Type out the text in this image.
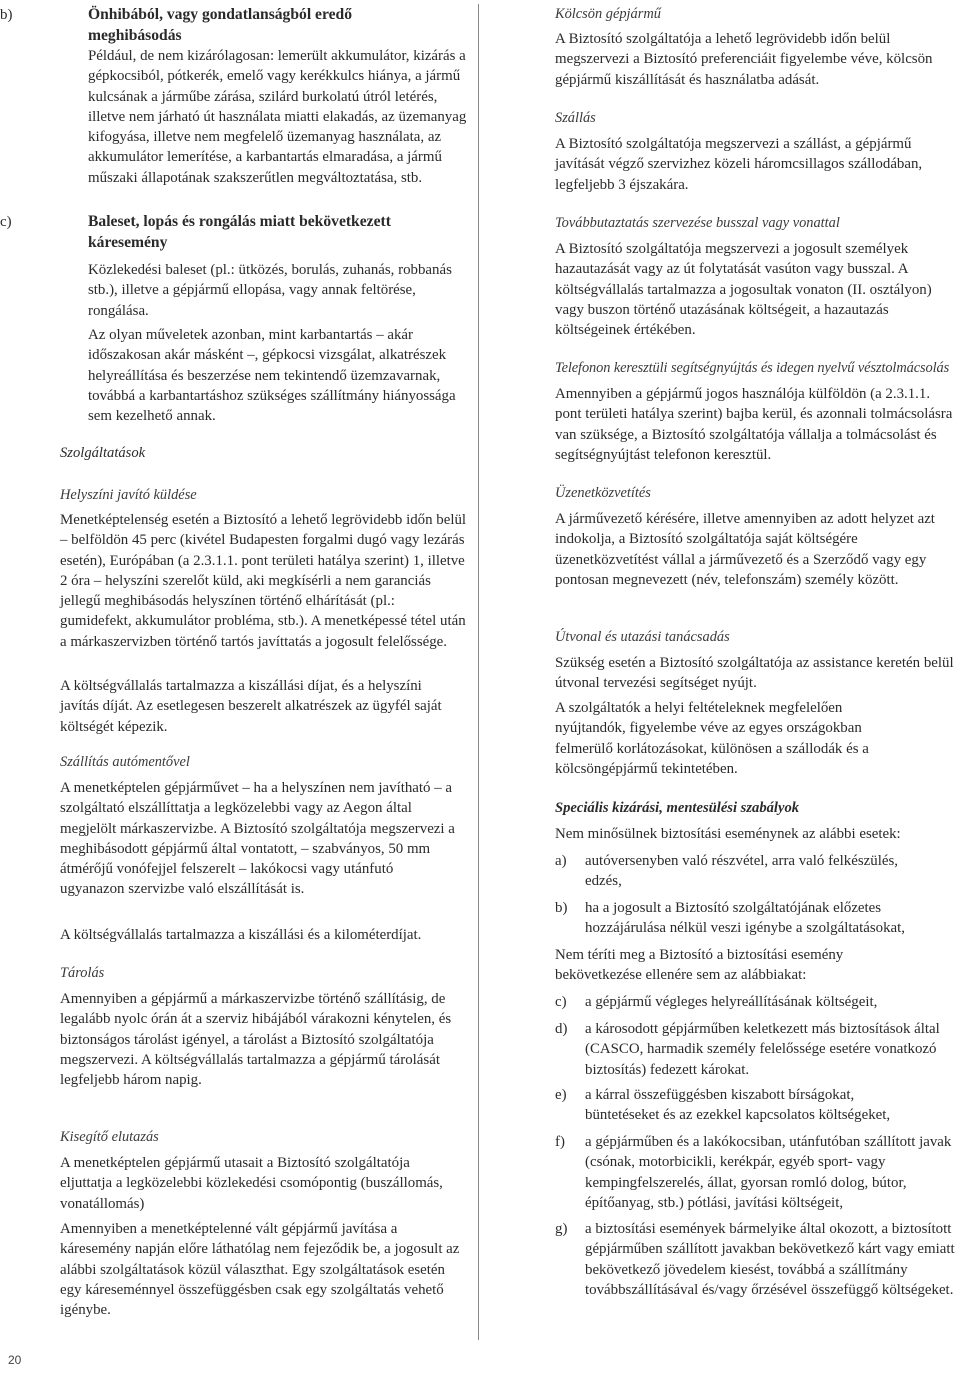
b)	Önhibából, vagy gondatlanságból eredő meghibásodás

Például, de nem kizárólagosan: lemerült akkumulátor, kizárás a gépkocsiból, pótkerék, emelő vagy kerékkulcs hiánya, a jármű kulcsának a járműbe zárása, szilárd burkolatú útról letérés, illetve nem járható út használata miatti elakadás, az üzemanyag kifogyása, illetve nem megfelelő üzemanyag használata, az akkumulátor lemerítése, a karbantartás elmaradása, a jármű műszaki állapotának szakszerűtlen megváltoztatása, stb.

c)	Baleset, lopás és rongálás miatt bekövetkezett káresemény

Közlekedési baleset (pl.: ütközés, borulás, zuhanás, robbanás stb.), illetve a gépjármű ellopása, vagy annak feltörése, rongálása.

Az olyan műveletek azonban, mint karbantartás – akár időszakosan akár másként –, gépkocsi vizsgálat, alkatrészek helyreállítása és beszerzése nem tekintendő üzemzavarnak, továbbá a karbantartáshoz szükséges szállítmány hiányossága sem kezelhető annak.

Szolgáltatások

Helyszíni javító küldése

Menetképtelenség esetén a Biztosító a lehető legrövidebb időn belül – belföldön 45 perc (kivétel Budapesten forgalmi dugó vagy lezárás esetén), Európában (a 2.3.1.1. pont területi hatálya szerint) 1, illetve 2 óra – helyszíni szerelőt küld, aki megkísérli a nem garanciás jellegű meghibásodás helyszínen történő elhárítását (pl.: gumidefekt, akkumulátor probléma, stb.). A menetképessé tétel után a márkaszervizben történő tartós javíttatás a jogosult felelőssége.

A költségvállalás tartalmazza a kiszállási díjat, és a helyszíni javítás díját. Az esetlegesen beszerelt alkatrészek az ügyfél saját költségét képezik.

Szállítás autómentővel

A menetképtelen gépjárművet – ha a helyszínen nem javítható – a szolgáltató elszállíttatja a legközelebbi vagy az Aegon által megjelölt márkaszervizbe. A Biztosító szolgáltatója megszervezi a meghibásodott gépjármű által vontatott, – szabványos, 50 mm átmérőjű vonófejjel felszerelt – lakókocsi vagy utánfutó ugyanazon szervizbe való elszállítását is.

A költségvállalás tartalmazza a kiszállási és a kilométerdíjat.

Tárolás

Amennyiben a gépjármű a márkaszervizbe történő szállításig, de legalább nyolc órán át a szerviz hibájából várakozni kénytelen, és biztonságos tárolást igényel, a tárolást a Biztosító szolgáltatója megszervezi. A költségvállalás tartalmazza a gépjármű tárolását legfeljebb három napig.

Kisegítő elutazás

A menetképtelen gépjármű utasait a Biztosító szolgáltatója eljuttatja a legközelebbi közlekedési csomópontig (buszállomás, vonatállomás)

Amennyiben a menetképtelenné vált gépjármű javítása a káresemény napján előre láthatólag nem fejeződik be, a jogosult az alábbi szolgáltatások közül választhat. Egy szolgáltatások esetén egy káreseménnyel összefüggésben csak egy szolgáltatás vehető igénybe.

Kölcsön gépjármű

A Biztosító szolgáltatója a lehető legrövidebb időn belül megszervezi a Biztosító preferenciáit figyelembe véve, kölcsön gépjármű kiszállítását és használatba adását.

Szállás

A Biztosító szolgáltatója megszervezi a szállást, a gépjármű javítását végző szervizhez közeli háromcsillagos szállodában, legfeljebb 3 éjszakára.

Továbbutaztatás szervezése busszal vagy vonattal

A Biztosító szolgáltatója megszervezi a jogosult személyek hazautazását vagy az út folytatását vasúton vagy busszal. A költségvállalás tartalmazza a jogosultak vonaton (II. osztályon) vagy buszon történő utazásának költségeit, a hazautazás költségeinek értékében.

Telefonon keresztüli segítségnyújtás és idegen nyelvű vésztolmácsolás

Amennyiben a gépjármű jogos használója külföldön (a 2.3.1.1. pont területi hatálya szerint) bajba kerül, és azonnali tolmácsolásra van szüksége, a Biztosító szolgáltatója vállalja a tolmácsolást és segítségnyújtást telefonon keresztül.

Üzenetközvetítés

A járművezető kérésére, illetve amennyiben az adott helyzet azt indokolja, a Biztosító szolgáltatója saját költségére üzenetközvetítést vállal a járművezető és a Szerződő vagy egy pontosan megnevezett (név, telefonszám) személy között.

Útvonal és utazási tanácsadás

Szükség esetén a Biztosító szolgáltatója az assistance keretén belül útvonal tervezési segítséget nyújt.

A szolgáltatók a helyi feltételeknek megfelelően nyújtandók, figyelembe véve az egyes országokban felmerülő korlátozásokat, különösen a szállodák és a kölcsöngépjármű tekintetében.

Speciális kizárási, mentesülési szabályok

Nem minősülnek biztosítási eseménynek az alábbi esetek:

a) autóversenyben való részvétel, arra való felkészülés, edzés,

b) ha a jogosult a Biztosító szolgáltatójának előzetes hozzájárulása nélkül veszi igénybe a szolgáltatásokat,

Nem téríti meg a Biztosító a biztosítási esemény bekövetkezése ellenére sem az alábbiakat:

c) a gépjármű végleges helyreállításának költségeit,

d) a károsodott gépjárműben keletkezett más biztosítások által (CASCO, harmadik személy felelőssége esetére vonatkozó biztosítás) fedezett károkat.

e) a kárral összefüggésben kiszabott bírságokat, büntetéseket és az ezekkel kapcsolatos költségeket,

f) a gépjárműben és a lakókocsiban, utánfutóban szállított javak (csónak, motorbicikli, kerékpár, egyéb sport- vagy kempingfelszerelés, állat, gyorsan romló dolog, bútor, építőanyag, stb.) pótlási, javítási költségeit,

g) a biztosítási események bármelyike által okozott, a biztosított gépjárműben szállított javakban bekövetkező kárt vagy emiatt bekövetkező jövedelem kiesést, továbbá a szállítmány továbbszállításával és/vagy őrzésével összefüggő költségeket.

20
